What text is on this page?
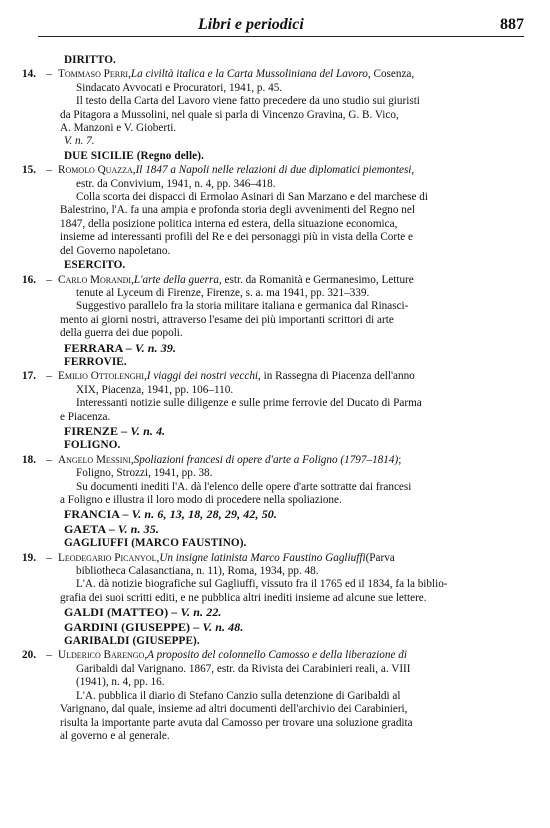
Libri e periodici	887
DIRITTO.
14. – Tommaso Perri , La civiltà italica e la Carta Mussoliniana del Lavoro , Cosenza,
Sindacato Avvocati e Procuratori, 1941, p. 45.
Il testo della Carta del Lavoro viene fatto precedere da uno studio sui giuristi
da Pitagora a Mussolini, nel quale si parla di Vincenzo Gravina, G. B. Vico,
A. Manzoni e V. Gioberti.
V. n. 7.
DUE SICILIE (Regno delle).
15. – Romolo Quazza , Il 1847 a Napoli nelle relazioni di due diplomatici piemontesi ,
estr. da Convivium, 1941, n. 4, pp. 346–418.
Colla scorta dei dispacci di Ermolao Asinari di San Marzano e del marchese di
Balestrino, l'A. fa una ampia e profonda storia degli avvenimenti del Regno nel
1847, della posizione politica interna ed estera, della situazione economica,
insieme ad interessanti profili del Re e dei personaggi più in vista della Corte e
del Governo napoletano.
ESERCITO.
16. – Carlo Morandi , L'arte della guerra , estr. da Romanità e Germanesimo, Letture
tenute al Lyceum di Firenze, Firenze, s. a. ma 1941, pp. 321–339.
Suggestivo parallelo fra la storia militare italiana e germanica dal Rinasci-
mento ai giorni nostri, attraverso l'esame dei più importanti scrittori di arte
della guerra dei due popoli.
FERRARA – V. n. 39.
FERROVIE.
17. – Emilio Ottolenghi , I viaggi dei nostri vecchi , in Rassegna di Piacenza dell'anno
XIX, Piacenza, 1941, pp. 106–110.
Interessanti notizie sulle diligenze e sulle prime ferrovie del Ducato di Parma
e Piacenza.
FIRENZE – V. n. 4.
FOLIGNO.
18. – Angelo Messini , Spoliazioni francesi di opere d'arte a Foligno (1797–1814) ;
Foligno, Strozzi, 1941, pp. 38.
Su documenti inediti l'A. dà l'elenco delle opere d'arte sottratte dai francesi
a Foligno e illustra il loro modo di procedere nella spoliazione.
FRANCIA – V. n. 6, 13, 18, 28, 29, 42, 50.
GAETA – V. n. 35.
GAGLIUFFI (MARCO FAUSTINO).
19. – Leodegario Picanyol , Un insigne latinista Marco Faustino Gagliuffi (Parva
bibliotheca Calasanctiana, n. 11), Roma, 1934, pp. 48.
L'A. dà notizie biografiche sul Gagliuffi, vissuto fra il 1765 ed il 1834, fa la biblio-
grafia dei suoi scritti editi, e ne pubblica altri inediti insieme ad alcune sue lettere.
GALDI (MATTEO) – V. n. 22.
GARDINI (GIUSEPPE) – V. n. 48.
GARIBALDI (GIUSEPPE).
20. – Ulderico Barengo , A proposito del colonnello Camosso e della liberazione di
Garibaldi dal Varignano. 1867, estr. da Rivista dei Carabinieri reali, a. VIII
(1941), n. 4, pp. 16.
L'A. pubblica il diario di Stefano Canzio sulla detenzione di Garibaldi al
Varignano, dal quale, insieme ad altri documenti dell'archivio dei Carabinieri,
risulta la importante parte avuta dal Camosso per trovare una soluzione gradita
al governo e al generale.
